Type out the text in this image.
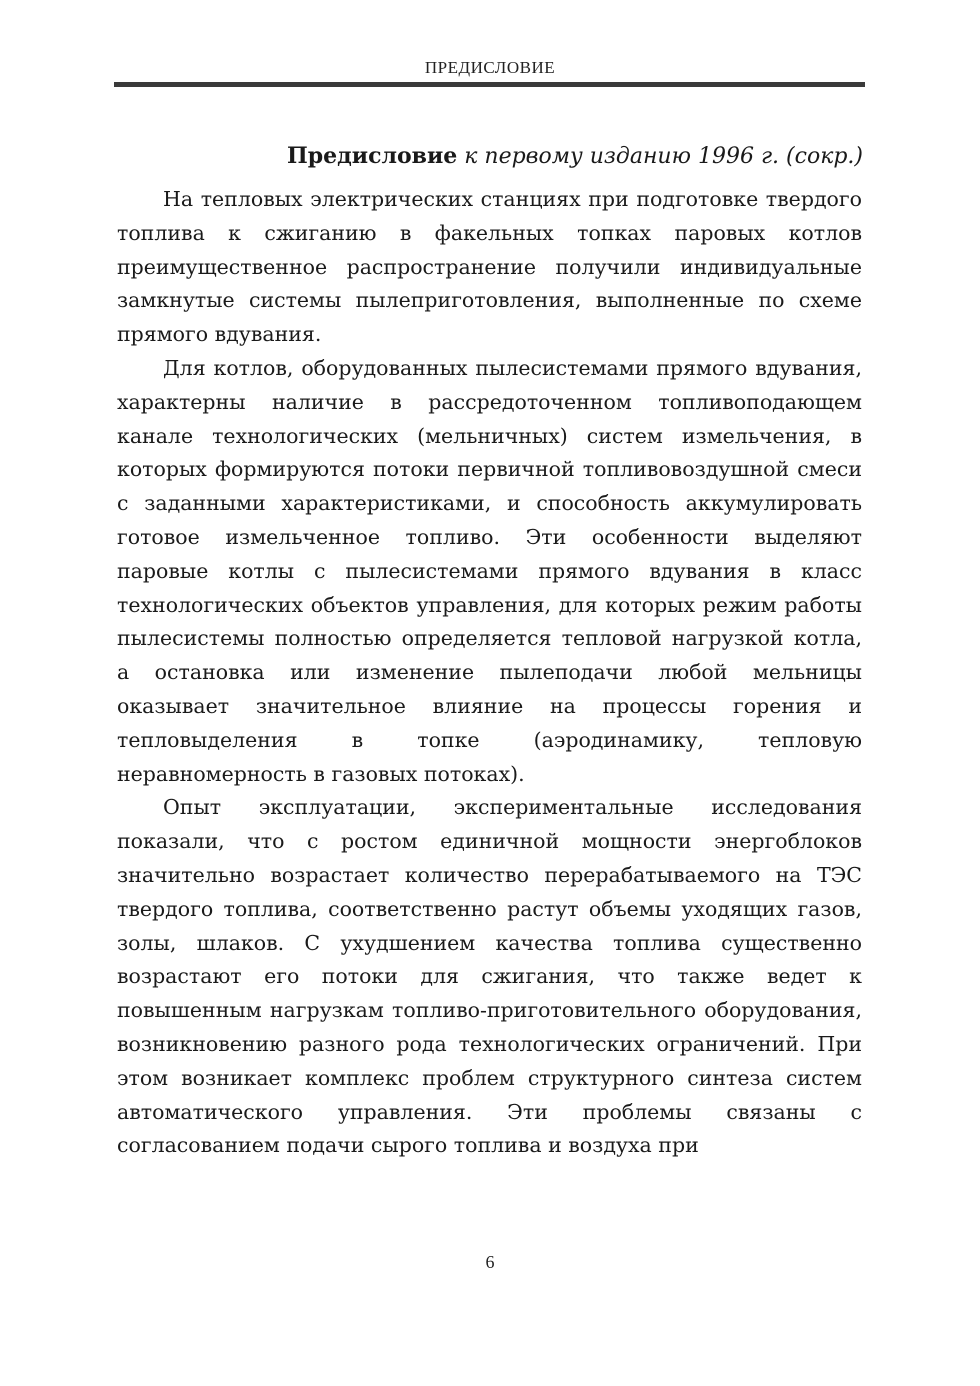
ПРЕДИСЛОВИЕ
Предисловие к первому изданию 1996 г. (сокр.)

На тепловых электрических станциях при подготовке твердого топлива к сжиганию в факельных топках паровых котлов преимущественное распространение получили индивидуальные замкнутые системы пылеприготовления, выполненные по схеме прямого вдувания.

Для котлов, оборудованных пылесистемами прямого вдувания, характерны наличие в рассредоточенном топливоподающем канале технологических (мельничных) систем измельчения, в которых формируются потоки первичной топливовоздушной смеси с заданными характеристиками, и способность аккумулировать готовое измельченное топливо. Эти особенности выделяют паровые котлы с пылесистемами прямого вдувания в класс технологических объектов управления, для которых режим работы пылесистемы полностью определяется тепловой нагрузкой котла, а остановка или изменение пылеподачи любой мельницы оказывает значительное влияние на процессы горения и тепловыделения в топке (аэродинамику, тепловую неравномерность в газовых потоках).

Опыт эксплуатации, экспериментальные исследования показали, что с ростом единичной мощности энергоблоков значительно возрастает количество перерабатываемого на ТЭС твердого топлива, соответственно растут объемы уходящих газов, золы, шлаков. С ухудшением качества топлива существенно возрастают его потоки для сжигания, что также ведет к повышенным нагрузкам топливо-приготовительного оборудования, возникновению разного рода технологических ограничений. При этом возникает комплекс проблем структурного синтеза систем автоматического управления. Эти проблемы связаны с согласованием подачи сырого топлива и воздуха при

6
